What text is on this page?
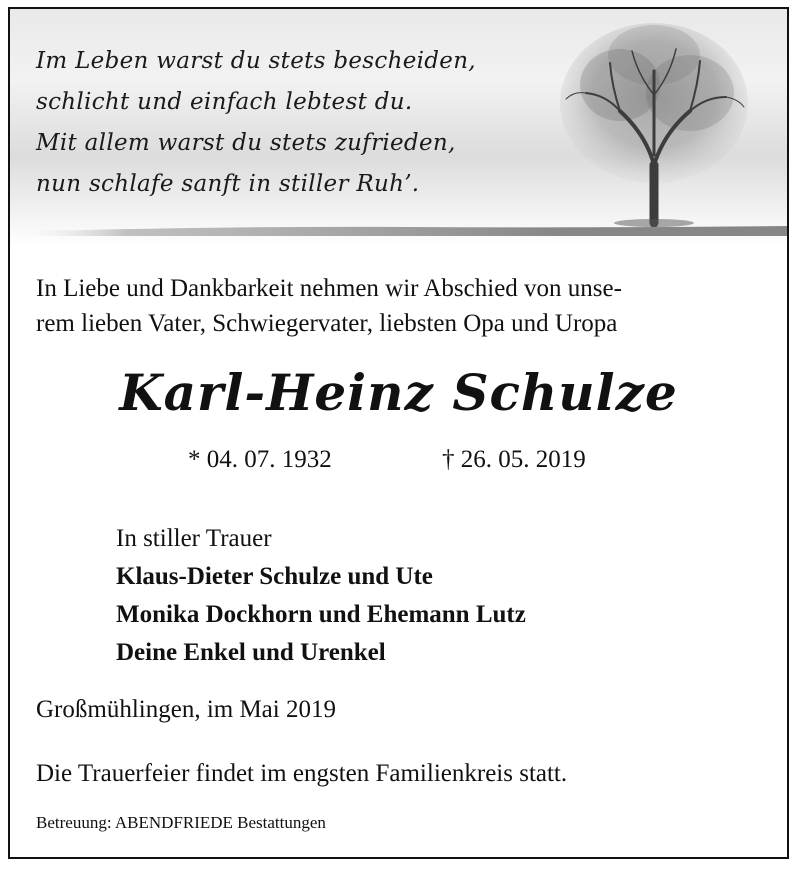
Im Leben warst du stets bescheiden,
schlicht und einfach lebtest du.
Mit allem warst du stets zufrieden,
nun schlafe sanft in stiller Ruh’.
In Liebe und Dankbarkeit nehmen wir Abschied von unse-
rem lieben Vater, Schwiegervater, liebsten Opa und Uropa
Karl-Heinz Schulze
* 04. 07. 1932	† 26. 05. 2019
In stiller Trauer
Klaus-Dieter Schulze und Ute
Monika Dockhorn und Ehemann Lutz
Deine Enkel und Urenkel
Großmühlingen, im Mai 2019
Die Trauerfeier findet im engsten Familienkreis statt.
Betreuung: ABENDFRIEDE Bestattungen
